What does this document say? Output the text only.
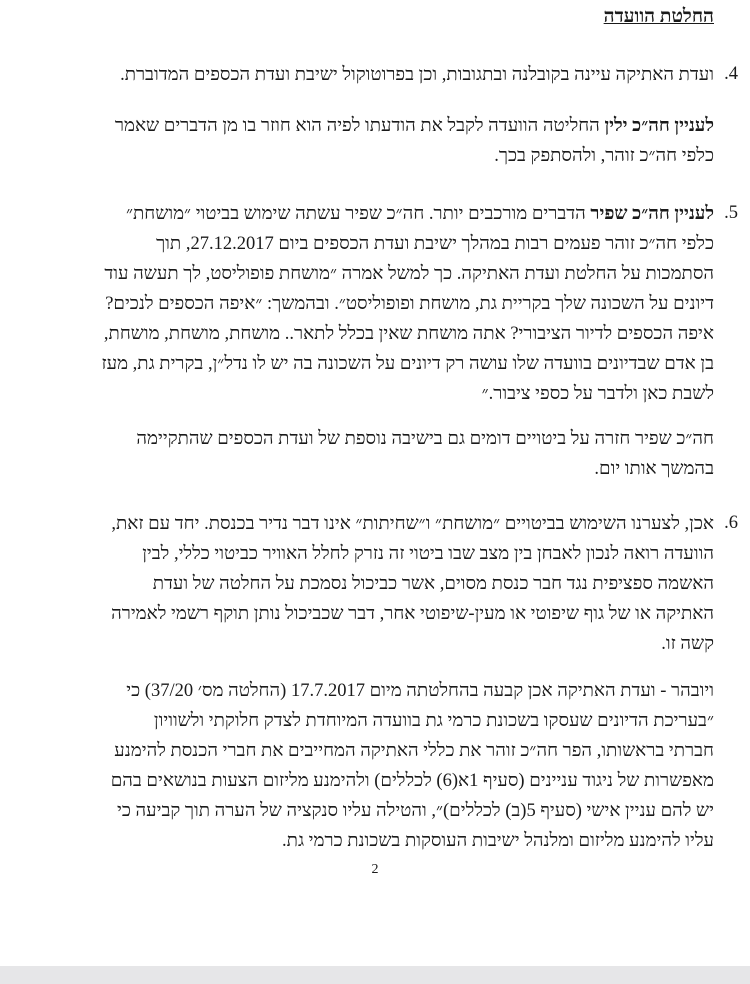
החלטת הוועדה

4.

ועדת האתיקה עיינה בקובלנה ובתגובות, וכן בפרוטוקול ישיבת ועדת הכספים המדוברת.

לעניין חה״כ ילין החליטה הוועדה לקבל את הודעתו לפיה הוא חוזר בו מן הדברים שאמר
כלפי חה״כ זוהר, ולהסתפק בכך.

5.

לעניין חה״כ שפיר הדברים מורכבים יותר. חה״כ שפיר עשתה שימוש בביטוי ״מושחת״
כלפי חה״כ זוהר פעמים רבות במהלך ישיבת ועדת הכספים ביום 27.12.2017, תוך
הסתמכות על החלטת ועדת האתיקה. כך למשל אמרה ״מושחת פופוליסט, לך תעשה עוד
דיונים על השכונה שלך בקריית גת, מושחת ופופוליסט״. ובהמשך: ״איפה הכספים לנכים?
איפה הכספים לדיור הציבורי? אתה מושחת שאין בכלל לתאר.. מושחת, מושחת, מושחת,
בן אדם שבדיונים בוועדה שלו עושה רק דיונים על השכונה בה יש לו נדל״ן, בקרית גת, מעז
לשבת כאן ולדבר על כספי ציבור.״

חה״כ שפיר חזרה על ביטויים דומים גם בישיבה נוספת של ועדת הכספים שהתקיימה
בהמשך אותו יום.

6.

אכן, לצערנו השימוש בביטויים ״מושחת״ ו״שחיתות״ אינו דבר נדיר בכנסת. יחד עם זאת,
הוועדה רואה לנכון לאבחן בין מצב שבו ביטוי זה נזרק לחלל האוויר כביטוי כללי, לבין
האשמה ספציפית נגד חבר כנסת מסוים, אשר כביכול נסמכת על החלטה של ועדת
האתיקה או של גוף שיפוטי או מעין-שיפוטי אחר, דבר שכביכול נותן תוקף רשמי לאמירה
קשה זו.

ויובהר - ועדת האתיקה אכן קבעה בהחלטתה מיום 17.7.2017 (החלטה מס׳ 37/20) כי
״בעריכת הדיונים שעסקו בשכונת כרמי גת בוועדה המיוחדת לצדק חלוקתי ולשוויון
חברתי בראשותו, הפר חה״כ זוהר את כללי האתיקה המחייבים את חברי הכנסת להימנע
מאפשרות של ניגוד עניינים (סעיף 1א(6) לכללים) ולהימנע מליזום הצעות בנושאים בהם
יש להם עניין אישי (סעיף 5(ב) לכללים)״, והטילה עליו סנקציה של הערה תוך קביעה כי
עליו להימנע מליזום ומלנהל ישיבות העוסקות בשכונת כרמי גת.

2
